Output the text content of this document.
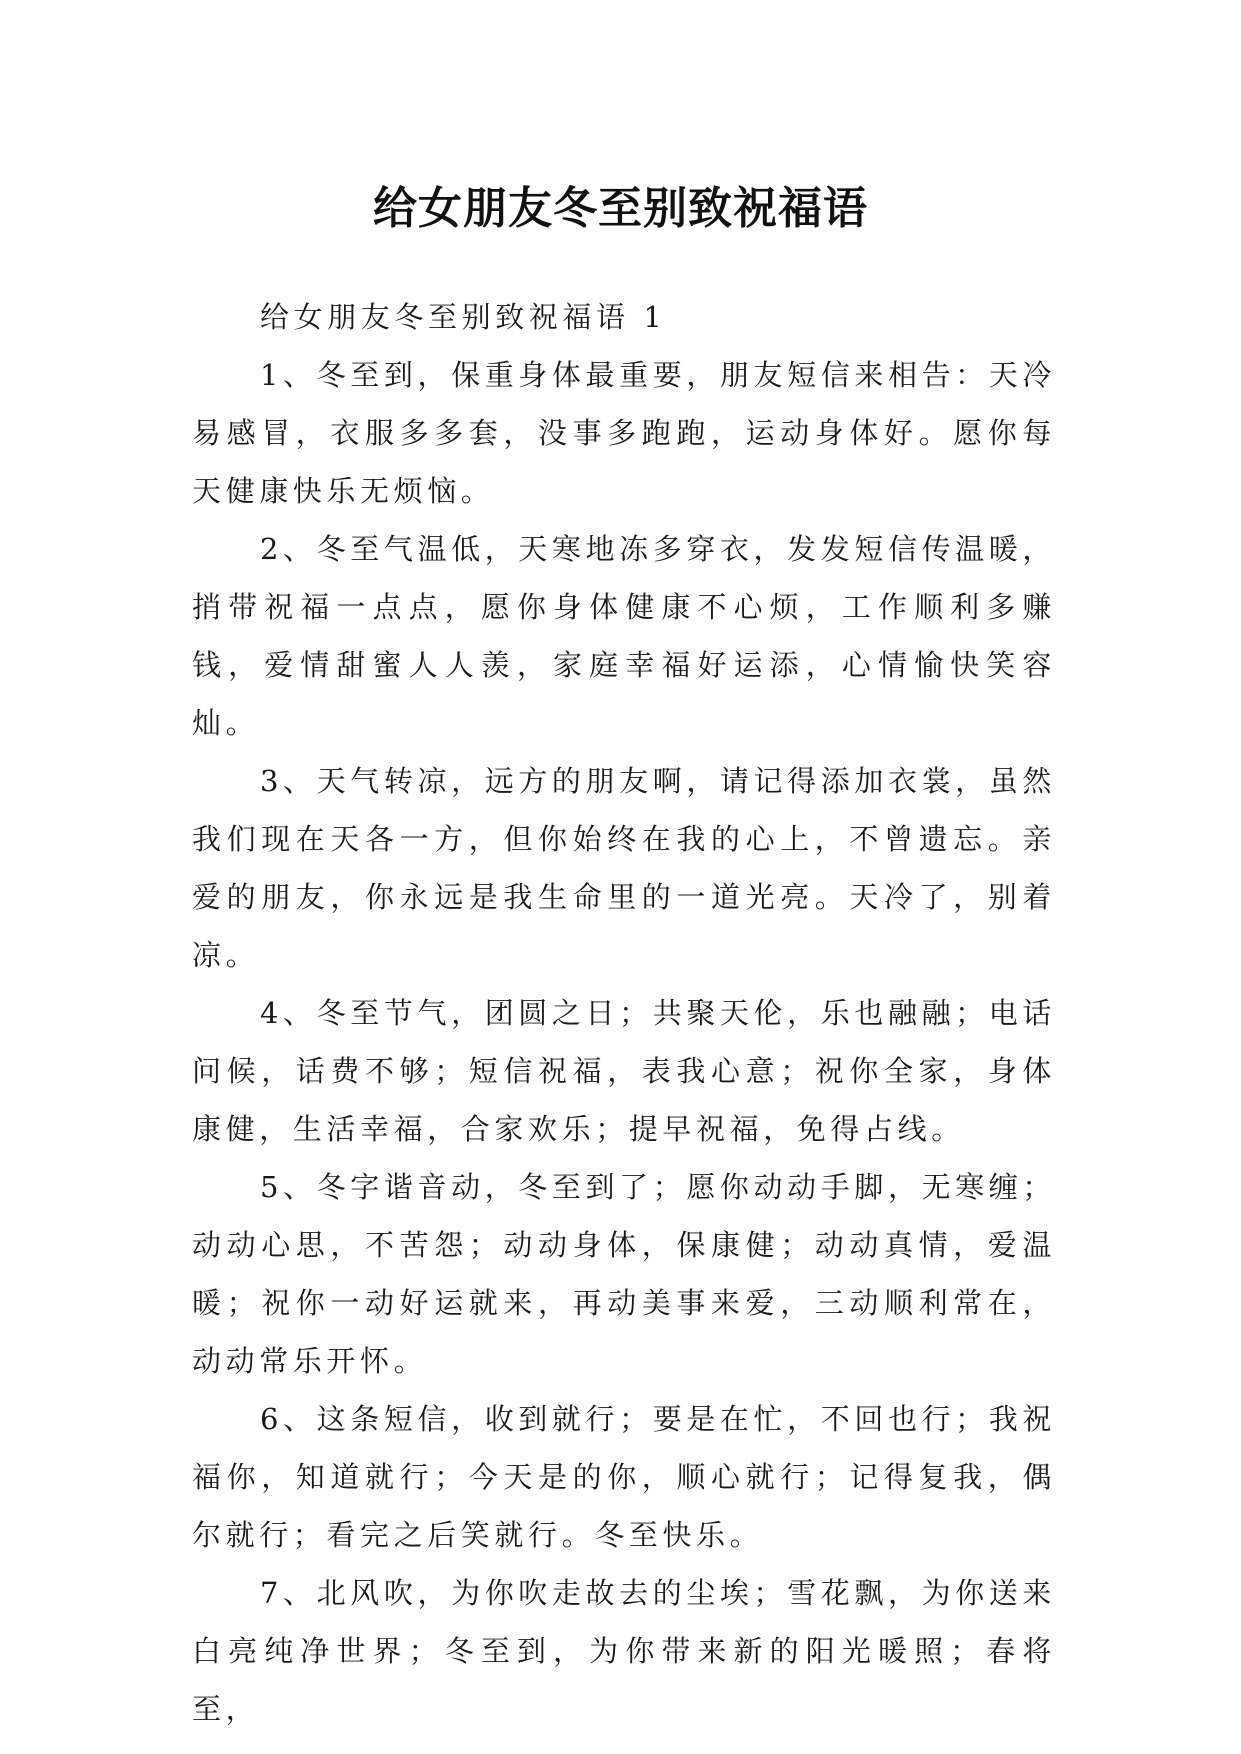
给女朋友冬至别致祝福语

给女朋友冬至别致祝福语 1

1、冬至到，保重身体最重要，朋友短信来相告：天冷易感冒，衣服多多套，没事多跑跑，运动身体好。愿你每天健康快乐无烦恼。

2、冬至气温低，天寒地冻多穿衣，发发短信传温暖，捎带祝福一点点，愿你身体健康不心烦，工作顺利多赚钱，爱情甜蜜人人羡，家庭幸福好运添，心情愉快笑容灿。

3、天气转凉，远方的朋友啊，请记得添加衣裳，虽然我们现在天各一方，但你始终在我的心上，不曾遗忘。亲爱的朋友，你永远是我生命里的一道光亮。天冷了，别着凉。

4、冬至节气，团圆之日；共聚天伦，乐也融融；电话问候，话费不够；短信祝福，表我心意；祝你全家，身体康健，生活幸福，合家欢乐；提早祝福，免得占线。

5、冬字谐音动，冬至到了；愿你动动手脚，无寒缠；动动心思，不苦怨；动动身体，保康健；动动真情，爱温暖；祝你一动好运就来，再动美事来爱，三动顺利常在，动动常乐开怀。

6、这条短信，收到就行；要是在忙，不回也行；我祝福你，知道就行；今天是的你，顺心就行；记得复我，偶尔就行；看完之后笑就行。冬至快乐。

7、北风吹，为你吹走故去的尘埃；雪花飘，为你送来白亮纯净世界；冬至到，为你带来新的阳光暖照；春将至，
